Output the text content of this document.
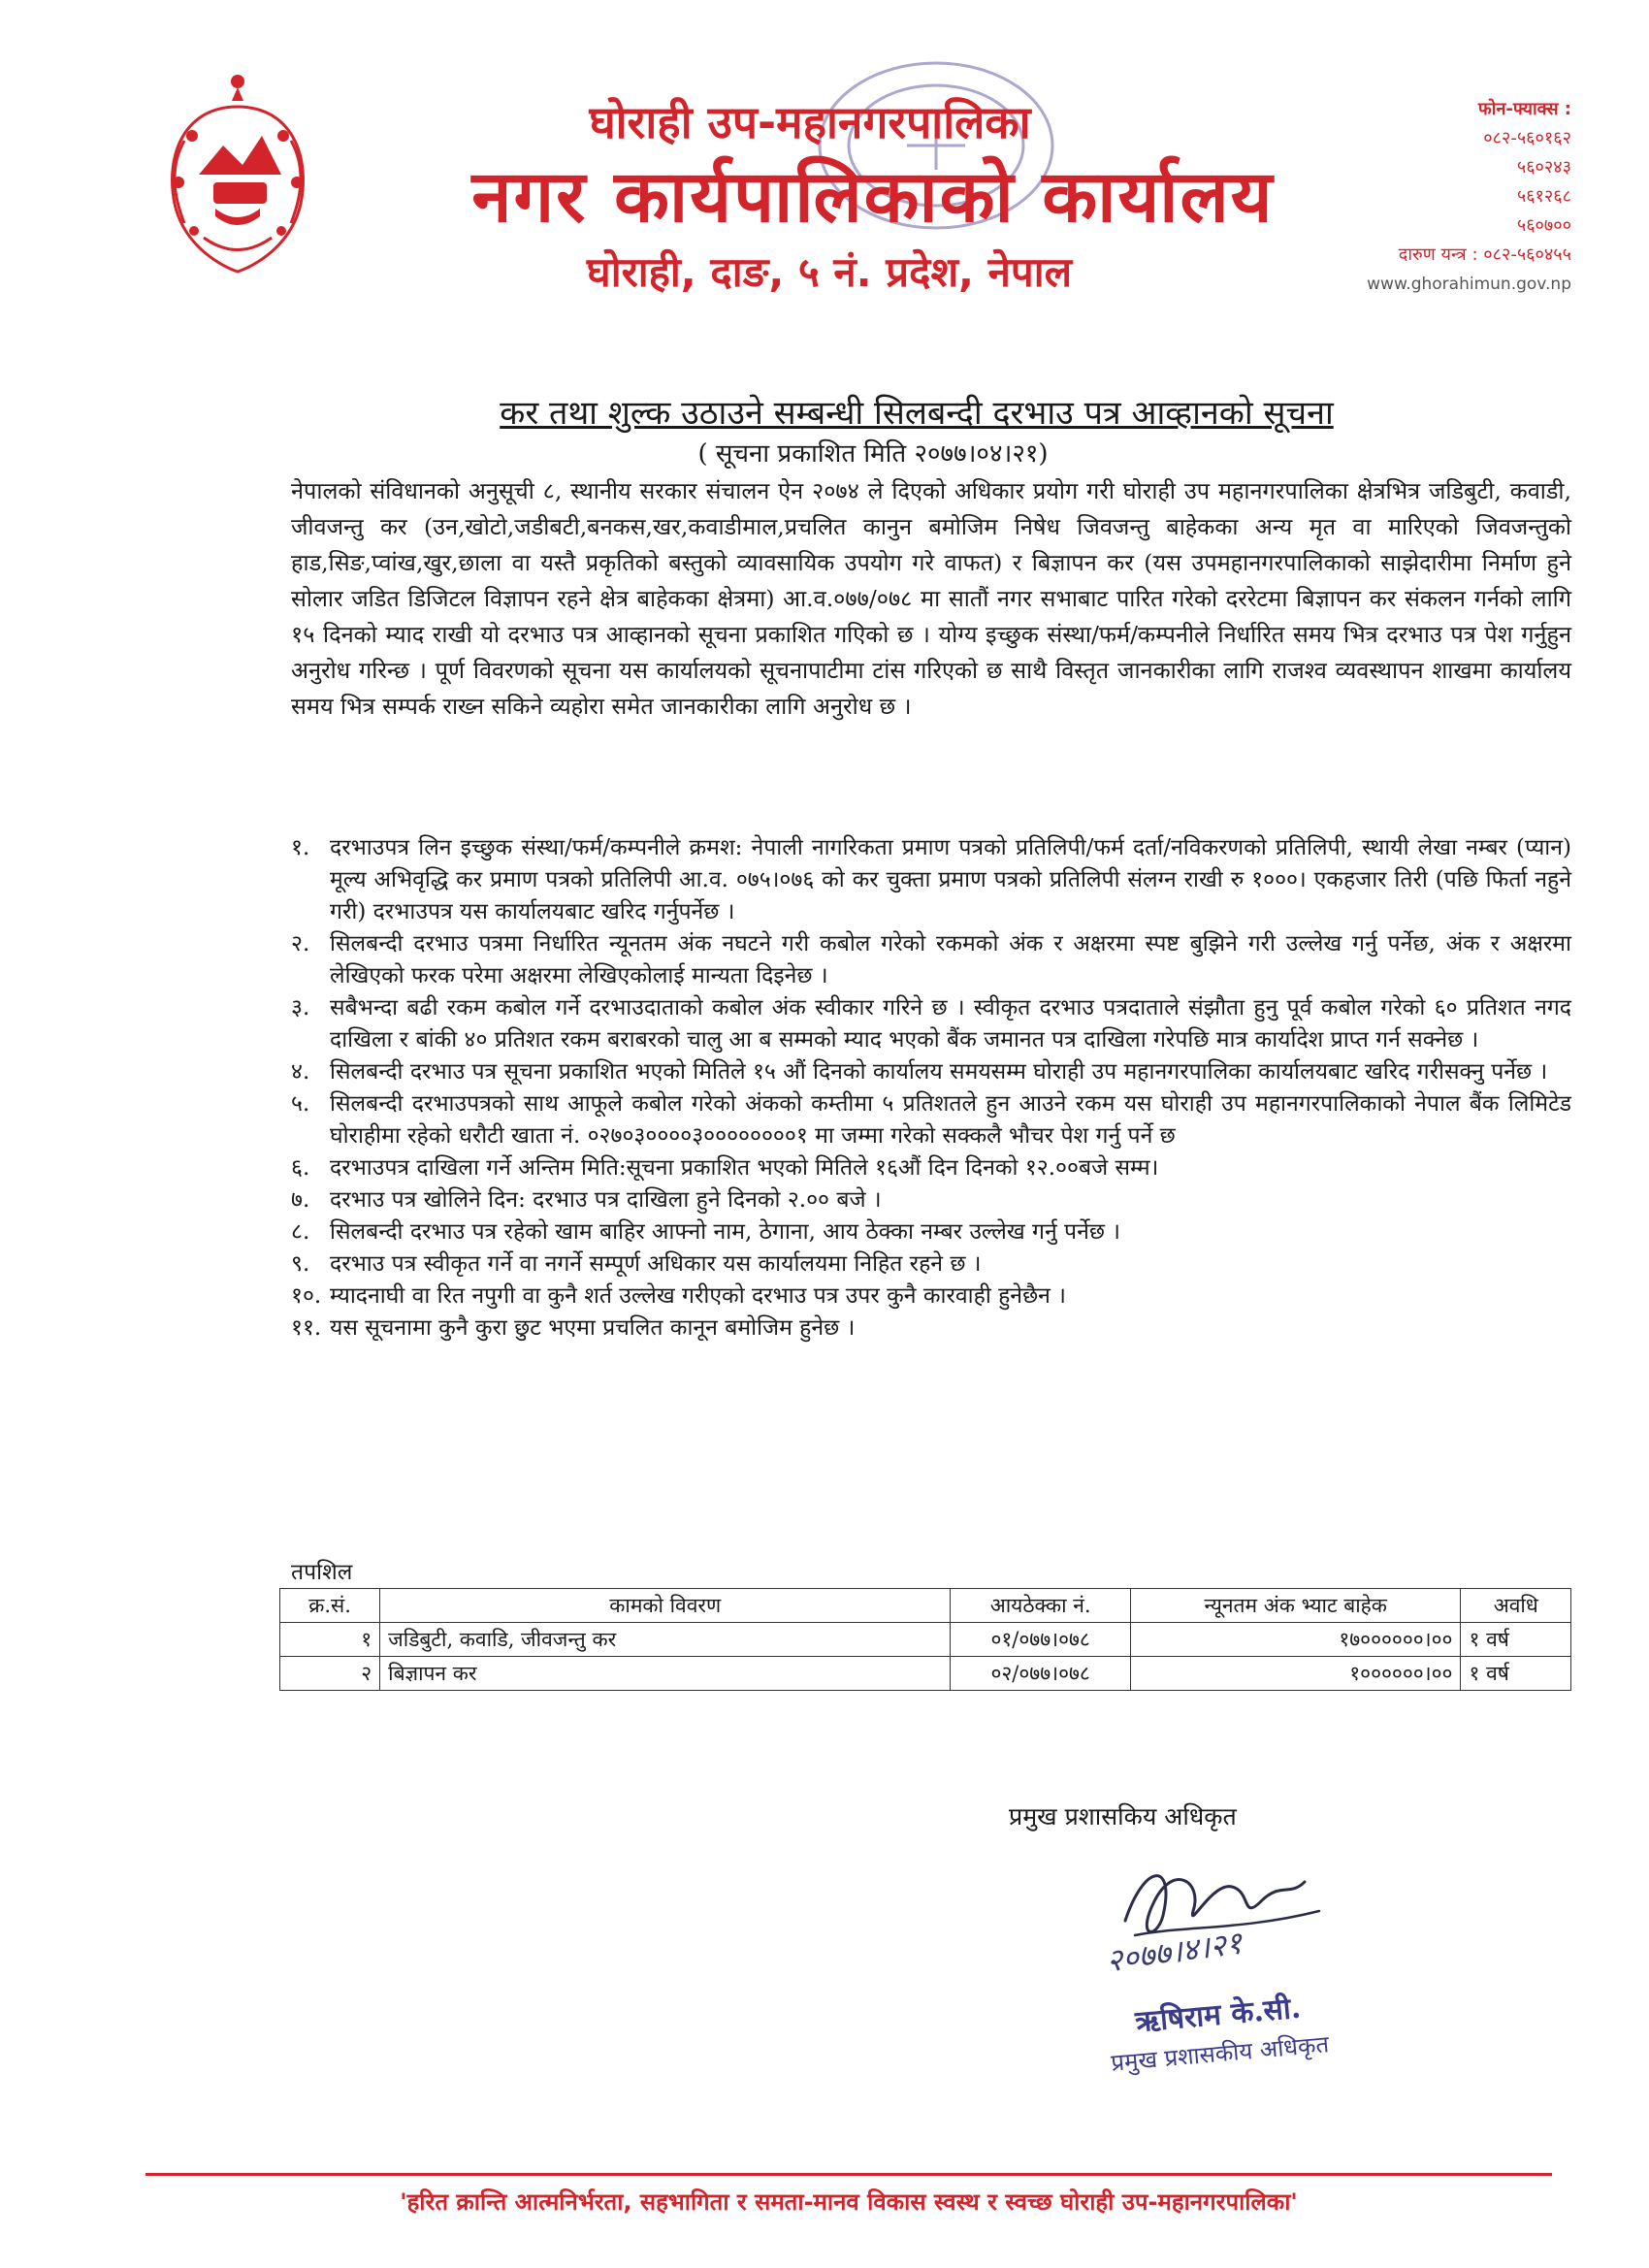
घोराही उप-महानगरपालिका
नगर कार्यपालिकाको कार्यालय
घोराही, दाङ, ५ नं. प्रदेश, नेपाल
फोन-फ्याक्स :
०८२-५६०१६२
५६०२४३
५६१२६८
५६०७००
दारुण यन्त्र : ०८२-५६०४५५
www.ghorahimun.gov.np
कर तथा शुल्क उठाउने सम्बन्धी सिलबन्दी दरभाउ पत्र आव्हानको सूचना
( सूचना प्रकाशित मिति २०७७।०४।२१)
नेपालको संविधानको अनुसूची ८, स्थानीय सरकार संचालन ऐन २०७४ ले दिएको अधिकार प्रयोग गरी घोराही उप महानगरपालिका क्षेत्रभित्र जडिबुटी, कवाडी, जीवजन्तु कर (उन,खोटो,जडीबटी,बनकस,खर,कवाडीमाल,प्रचलित कानुन बमोजिम निषेध जिवजन्तु बाहेकका अन्य मृत वा मारिएको जिवजन्तुको हाड,सिङ,प्वांख,खुर,छाला वा यस्तै प्रकृतिको बस्तुको व्यावसायिक उपयोग गरे वाफत) र बिज्ञापन कर (यस उपमहानगरपालिकाको साझेदारीमा निर्माण हुने सोलार जडित डिजिटल विज्ञापन रहने क्षेत्र बाहेकका क्षेत्रमा) आ.व.०७७/०७८ मा सातौं नगर सभाबाट पारित गरेको दररेटमा बिज्ञापन कर संकलन गर्नको लागि १५ दिनको म्याद राखी यो दरभाउ पत्र आव्हानको सूचना प्रकाशित गएिको छ । योग्य इच्छुक संस्था/फर्म/कम्पनीले निर्धारित समय भित्र दरभाउ पत्र पेश गर्नुहुन अनुरोध गरिन्छ । पूर्ण विवरणको सूचना यस कार्यालयको सूचनापाटीमा टांस गरिएको छ साथै विस्तृत जानकारीका लागि राजश्व व्यवस्थापन शाखमा कार्यालय समय भित्र सम्पर्क राख्न सकिने व्यहोरा समेत जानकारीका लागि अनुरोध छ ।
१. दरभाउपत्र लिन इच्छुक संस्था/फर्म/कम्पनीले क्रमश: नेपाली नागरिकता प्रमाण पत्रको प्रतिलिपी/फर्म दर्ता/नविकरणको प्रतिलिपी, स्थायी लेखा नम्बर (प्यान) मूल्य अभिवृद्धि कर प्रमाण पत्रको प्रतिलिपी आ.व. ०७५।०७६ को कर चुक्ता प्रमाण पत्रको प्रतिलिपी संलग्न राखी रु १०००। एकहजार तिरी (पछि फिर्ता नहुने गरी) दरभाउपत्र यस कार्यालयबाट खरिद गर्नुपर्नेछ ।
२. सिलबन्दी दरभाउ पत्रमा निर्धारित न्यूनतम अंक नघटने गरी कबोल गरेको रकमको अंक र अक्षरमा स्पष्ट बुझिने गरी उल्लेख गर्नु पर्नेछ, अंक र अक्षरमा लेखिएको फरक परेमा अक्षरमा लेखिएकोलाई मान्यता दिइनेछ ।
३. सबैभन्दा बढी रकम कबोल गर्ने दरभाउदाताको कबोल अंक स्वीकार गरिने छ । स्वीकृत दरभाउ पत्रदाताले संझौता हुनु पूर्व कबोल गरेको ६० प्रतिशत नगद दाखिला र बांकी ४० प्रतिशत रकम बराबरको चालु आ ब सम्मको म्याद भएको बैंक जमानत पत्र दाखिला गरेपछि मात्र कार्यादेश प्राप्त गर्न सक्नेछ ।
४. सिलबन्दी दरभाउ पत्र सूचना प्रकाशित भएको मितिले १५ औं दिनको कार्यालय समयसम्म घोराही उप महानगरपालिका कार्यालयबाट खरिद गरीसक्नु पर्नेछ ।
५. सिलबन्दी दरभाउपत्रको साथ आफूले कबोल गरेको अंकको कम्तीमा ५ प्रतिशतले हुन आउने रकम यस घोराही उप महानगरपालिकाको नेपाल बैंक लिमिटेड घोराहीमा रहेको धरौटी खाता नं. ०२७०३००००३००००००००१ मा जम्मा गरेको सक्कलै भौचर पेश गर्नु पर्ने छ
६. दरभाउपत्र दाखिला गर्ने अन्तिम मिति:सूचना प्रकाशित भएको मितिले १६औं दिन दिनको १२.००बजे सम्म।
७. दरभाउ पत्र खोलिने दिन: दरभाउ पत्र दाखिला हुने दिनको २.०० बजे ।
८. सिलबन्दी दरभाउ पत्र रहेको खाम बाहिर आफ्नो नाम, ठेगाना, आय ठेक्का नम्बर उल्लेख गर्नु पर्नेछ ।
९. दरभाउ पत्र स्वीकृत गर्ने वा नगर्ने सम्पूर्ण अधिकार यस कार्यालयमा निहित रहने छ ।
१०. म्यादनाघी वा रित नपुगी वा कुनै शर्त उल्लेख गरीएको दरभाउ पत्र उपर कुनै कारवाही हुनेछैन ।
११. यस सूचनामा कुनै कुरा छुट भएमा प्रचलित कानून बमोजिम हुनेछ ।
तपशिल
क्र.सं.	कामको विवरण	आयठेक्का नं.	न्यूनतम अंक भ्याट बाहेक	अवधि
१	जडिबुटी, कवाडि, जीवजन्तु कर	०१/०७७।०७८	१७००००००।००	१ वर्ष
२	बिज्ञापन कर	०२/०७७।०७८	१००००००।००	१ वर्ष
प्रमुख प्रशासकिय अधिकृत
२०७७।४।२१
ऋषिराम के.सी.
प्रमुख प्रशासकीय अधिकृत
'हरित क्रान्ति आत्मनिर्भरता, सहभागिता र समता-मानव विकास स्वस्थ र स्वच्छ घोराही उप-महानगरपालिका'
